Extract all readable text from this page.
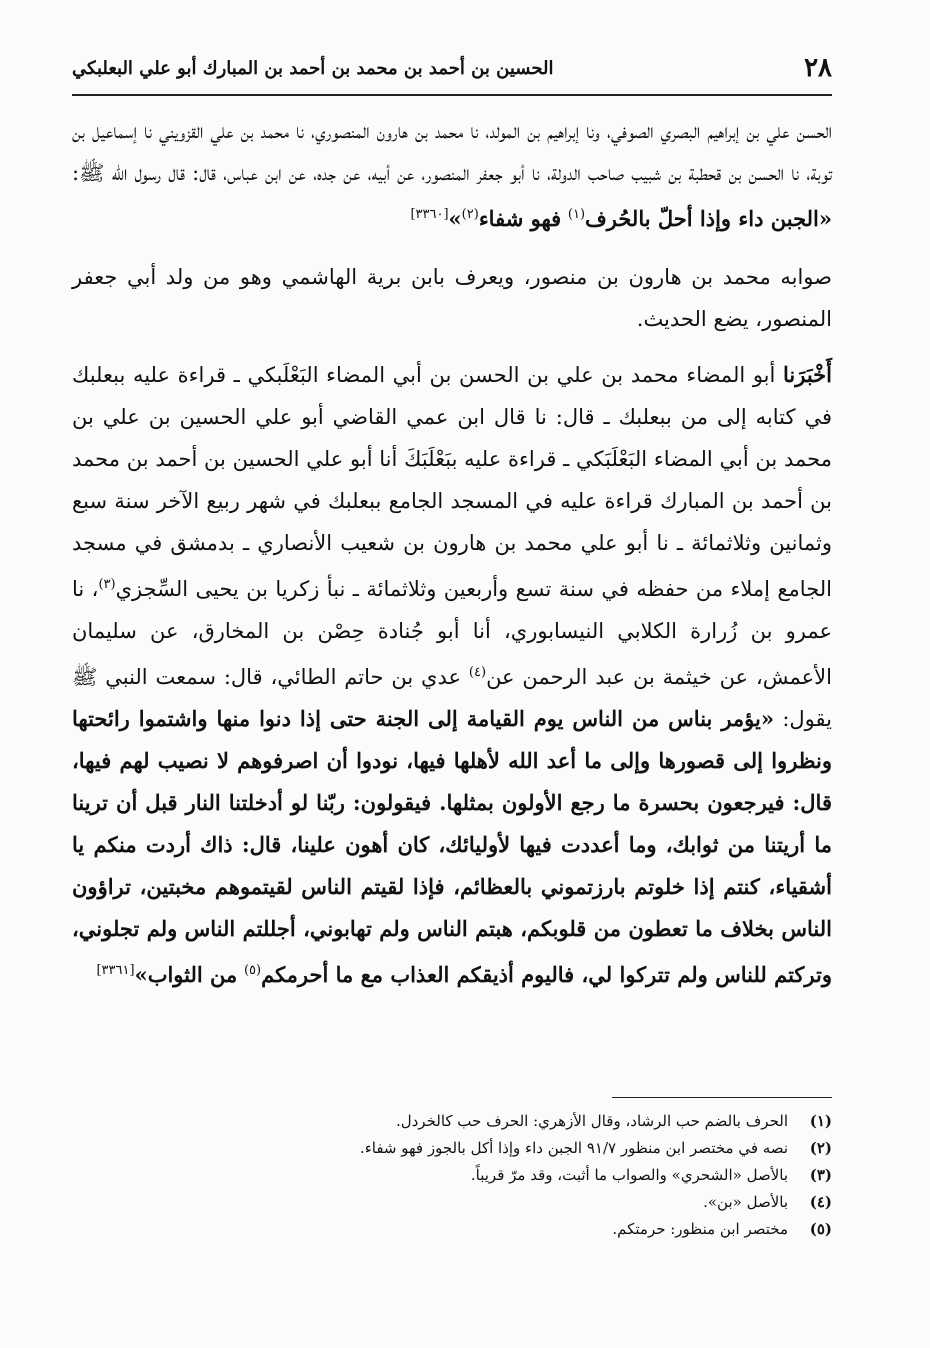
٢٨
الحسين بن أحمد بن محمد بن أحمد بن المبارك أبو علي البعلبكي

الحسن علي بن إبراهيم البصري الصوفي، ونا إبراهيم بن المولد، نا محمد بن هارون المنصوري، نا محمد بن علي القزويني نا إسماعيل بن توبة، نا الحسن بن قحطبة بن شبيب صاحب الدولة، نا أبو جعفر المنصور، عن أبيه، عن جده، عن ابن عباس، قال: قال رسول الله ﷺ: «الجبن داء وإذا أحلّ بالحُرف$^{(١)}$ فهو شفاء$^{(٢)}$»[٣٣٦٠]

صوابه محمد بن هارون بن منصور، ويعرف بابن برية الهاشمي وهو من ولد أبي جعفر المنصور، يضع الحديث.

أَخْبَرَنا أبو المضاء محمد بن علي بن الحسن بن أبي المضاء البَعْلَبكي ـ قراءة عليه ببعلبك في كتابه إلى من ببعلبك ـ قال: نا قال ابن عمي القاضي أبو علي الحسين بن علي بن محمد بن أبي المضاء البَعْلَبَكي ـ قراءة عليه ببَعْلَبَكَ أنا أبو علي الحسين بن أحمد بن محمد بن أحمد بن المبارك قراءة عليه في المسجد الجامع ببعلبك في شهر ربيع الآخر سنة سبع وثمانين وثلاثمائة ـ نا أبو علي محمد بن هارون بن شعيب الأنصاري ـ بدمشق في مسجد الجامع إملاء من حفظه في سنة تسع وأربعين وثلاثمائة ـ نبأ زكريا بن يحيى السِّجزي$^{(٣)}$، نا عمرو بن زُرارة الكلابي النيسابوري، أنا أبو جُنادة حِصْن بن المخارق، عن سليمان الأعمش، عن خيثمة بن عبد الرحمن عن$^{(٤)}$ عدي بن حاتم الطائي، قال: سمعت النبي ﷺ يقول: «يؤمر بناس من الناس يوم القيامة إلى الجنة حتى إذا دنوا منها واشتموا رائحتها ونظروا إلى قصورها وإلى ما أعد الله لأهلها فيها، نودوا أن اصرفوهم لا نصيب لهم فيها، قال: فيرجعون بحسرة ما رجع الأولون بمثلها. فيقولون: ربّنا لو أدخلتنا النار قبل أن ترينا ما أريتنا من ثوابك، وما أعددت فيها لأوليائك، كان أهون علينا، قال: ذاك أردت منكم يا أشقياء، كنتم إذا خلوتم بارزتموني بالعظائم، فإذا لقيتم الناس لقيتموهم مخبتين، تراؤون الناس بخلاف ما تعطون من قلوبكم، هبتم الناس ولم تهابوني، أجللتم الناس ولم تجلوني، وتركتم للناس ولم تتركوا لي، فاليوم أذيقكم العذاب مع ما أحرمكم$^{(٥)}$ من الثواب»[٣٣٦١]

(١)
الحرف بالضم حب الرشاد، وقال الأزهري: الحرف حب كالخردل.
(٢)
نصه في مختصر ابن منظور ٩١/٧ الجبن داء وإذا أكل بالجوز فهو شفاء.
(٣)
بالأصل «الشحري» والصواب ما أثبت، وقد مرّ قريباً.
(٤)
بالأصل «بن».
(٥)
مختصر ابن منظور: حرمتكم.
